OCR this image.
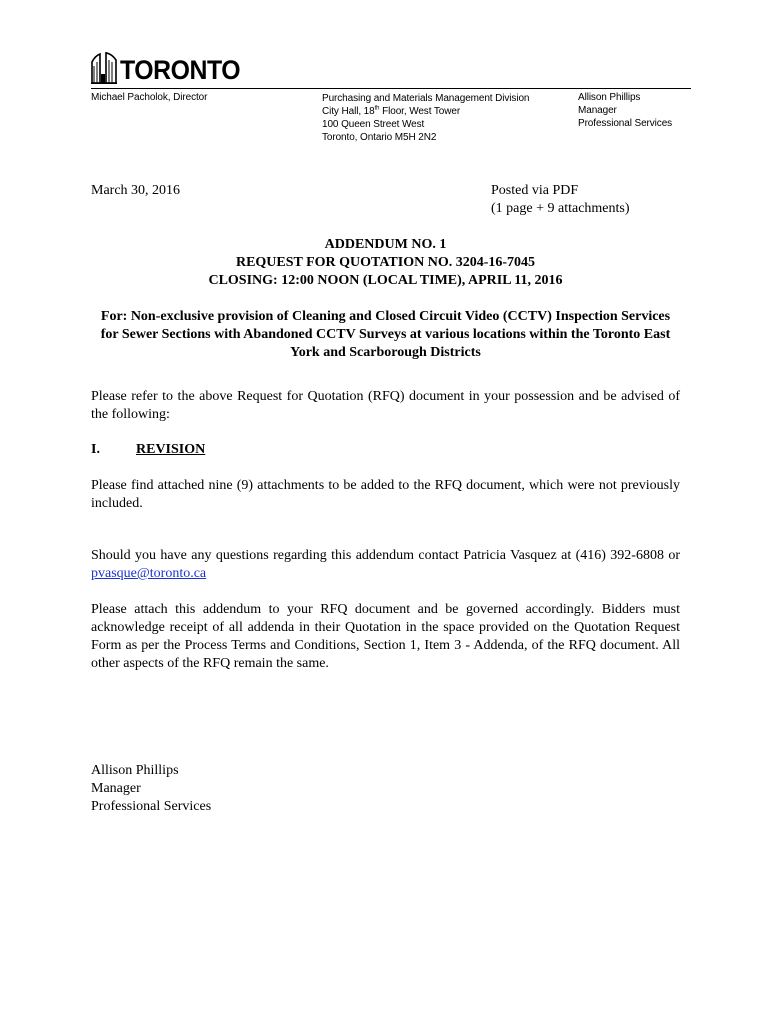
TORONTO
Michael Pacholok, Director	Purchasing and Materials Management Division
City Hall, 18th Floor, West Tower
100 Queen Street West
Toronto, Ontario M5H 2N2
Allison Phillips
Manager
Professional Services
March 30, 2016	Posted via PDF
(1 page + 9 attachments)
ADDENDUM NO. 1
REQUEST FOR QUOTATION NO. 3204-16-7045
CLOSING: 12:00 NOON (LOCAL TIME), APRIL 11, 2016
For: Non-exclusive provision of Cleaning and Closed Circuit Video (CCTV) Inspection Services for Sewer Sections with Abandoned CCTV Surveys at various locations within the Toronto East York and Scarborough Districts
Please refer to the above Request for Quotation (RFQ) document in your possession and be advised of the following:
I.	REVISION
Please find attached nine (9) attachments to be added to the RFQ document, which were not previously included.
Should you have any questions regarding this addendum contact Patricia Vasquez at (416) 392-6808 or pvasque@toronto.ca
Please attach this addendum to your RFQ document and be governed accordingly. Bidders must acknowledge receipt of all addenda in their Quotation in the space provided on the Quotation Request Form as per the Process Terms and Conditions, Section 1, Item 3 - Addenda, of the RFQ document. All other aspects of the RFQ remain the same.
Allison Phillips
Manager
Professional Services
